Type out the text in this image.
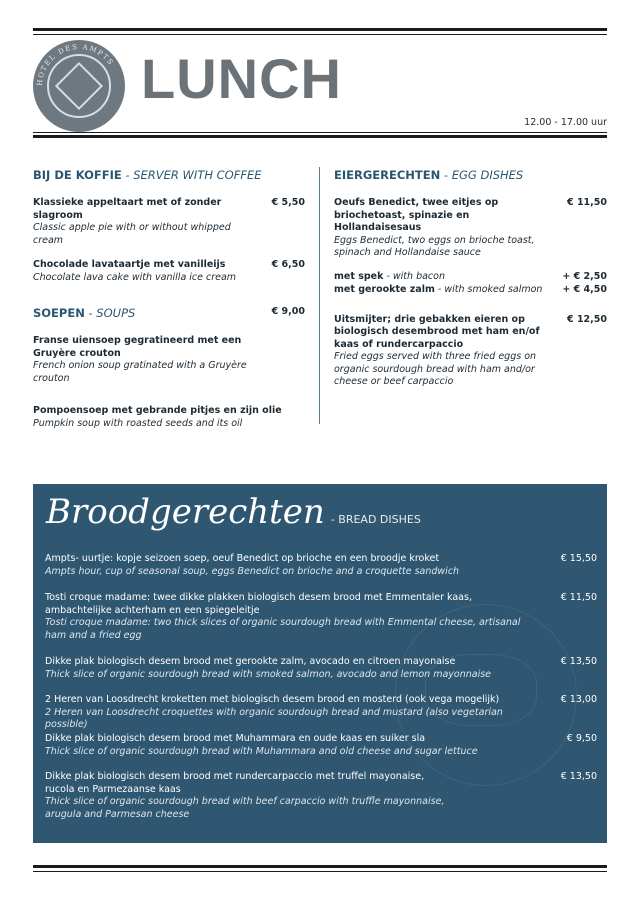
HOTEL DES AMPTS LUNCH
12.00 - 17.00 uur
BIJ DE KOFFIE - SERVER WITH COFFEE
Klassieke appeltaart met of zonder slagroom
Classic apple pie with or without whipped cream
€ 5,50
Chocolade lavataartje met vanilleijs
Chocolate lava cake with vanilla ice cream
€ 6,50
SOEPEN - SOUPS	€ 9,00
Franse uiensoep gegratineerd met een Gruyère crouton
French onion soup gratinated with a Gruyère crouton
Pompoensoep met gebrande pitjes en zijn olie
Pumpkin soup with roasted seeds and its oil
EIERGERECHTEN - EGG DISHES
Oeufs Benedict, twee eitjes op briochetoast, spinazie en Hollandaisesaus
Eggs Benedict, two eggs on brioche toast, spinach and Hollandaise sauce
€ 11,50
met spek - with bacon	+ € 2,50
met gerookte zalm - with smoked salmon + € 4,50
Uitsmijter; drie gebakken eieren op biologisch desembrood met ham en/of kaas of rundercarpaccio
Fried eggs served with three fried eggs on organic sourdough bread with ham and/or cheese or beef carpaccio
€ 12,50
Broodgerechten - BREAD DISHES
Ampts- uurtje: kopje seizoen soep, oeuf Benedict op brioche en een broodje kroket
Ampts hour, cup of seasonal soup, eggs Benedict on brioche and a croquette sandwich
€ 15,50
Tosti croque madame: twee dikke plakken biologisch desem brood met Emmentaler kaas, ambachtelijke achterham en een spiegeleitje
Tosti croque madame: two thick slices of organic sourdough bread with Emmental cheese, artisanal ham and a fried egg
€ 11,50
Dikke plak biologisch desem brood met gerookte zalm, avocado en citroen mayonaise
Thick slice of organic sourdough bread with smoked salmon, avocado and lemon mayonnaise
€ 13,50
2 Heren van Loosdrecht kroketten met biologisch desem brood en mosterd (ook vega mogelijk)
2 Heren van Loosdrecht croquettes with organic sourdough bread and mustard (also vegetarian possible)
€ 13,00
Dikke plak biologisch desem brood met Muhammara en oude kaas en suiker sla
Thick slice of organic sourdough bread with Muhammara and old cheese and sugar lettuce
€ 9,50
Dikke plak biologisch desem brood met rundercarpaccio met truffel mayonaise, rucola en Parmezaanse kaas
Thick slice of organic sourdough bread with beef carpaccio with truffle mayonnaise, arugula and Parmesan cheese
€ 13,50
